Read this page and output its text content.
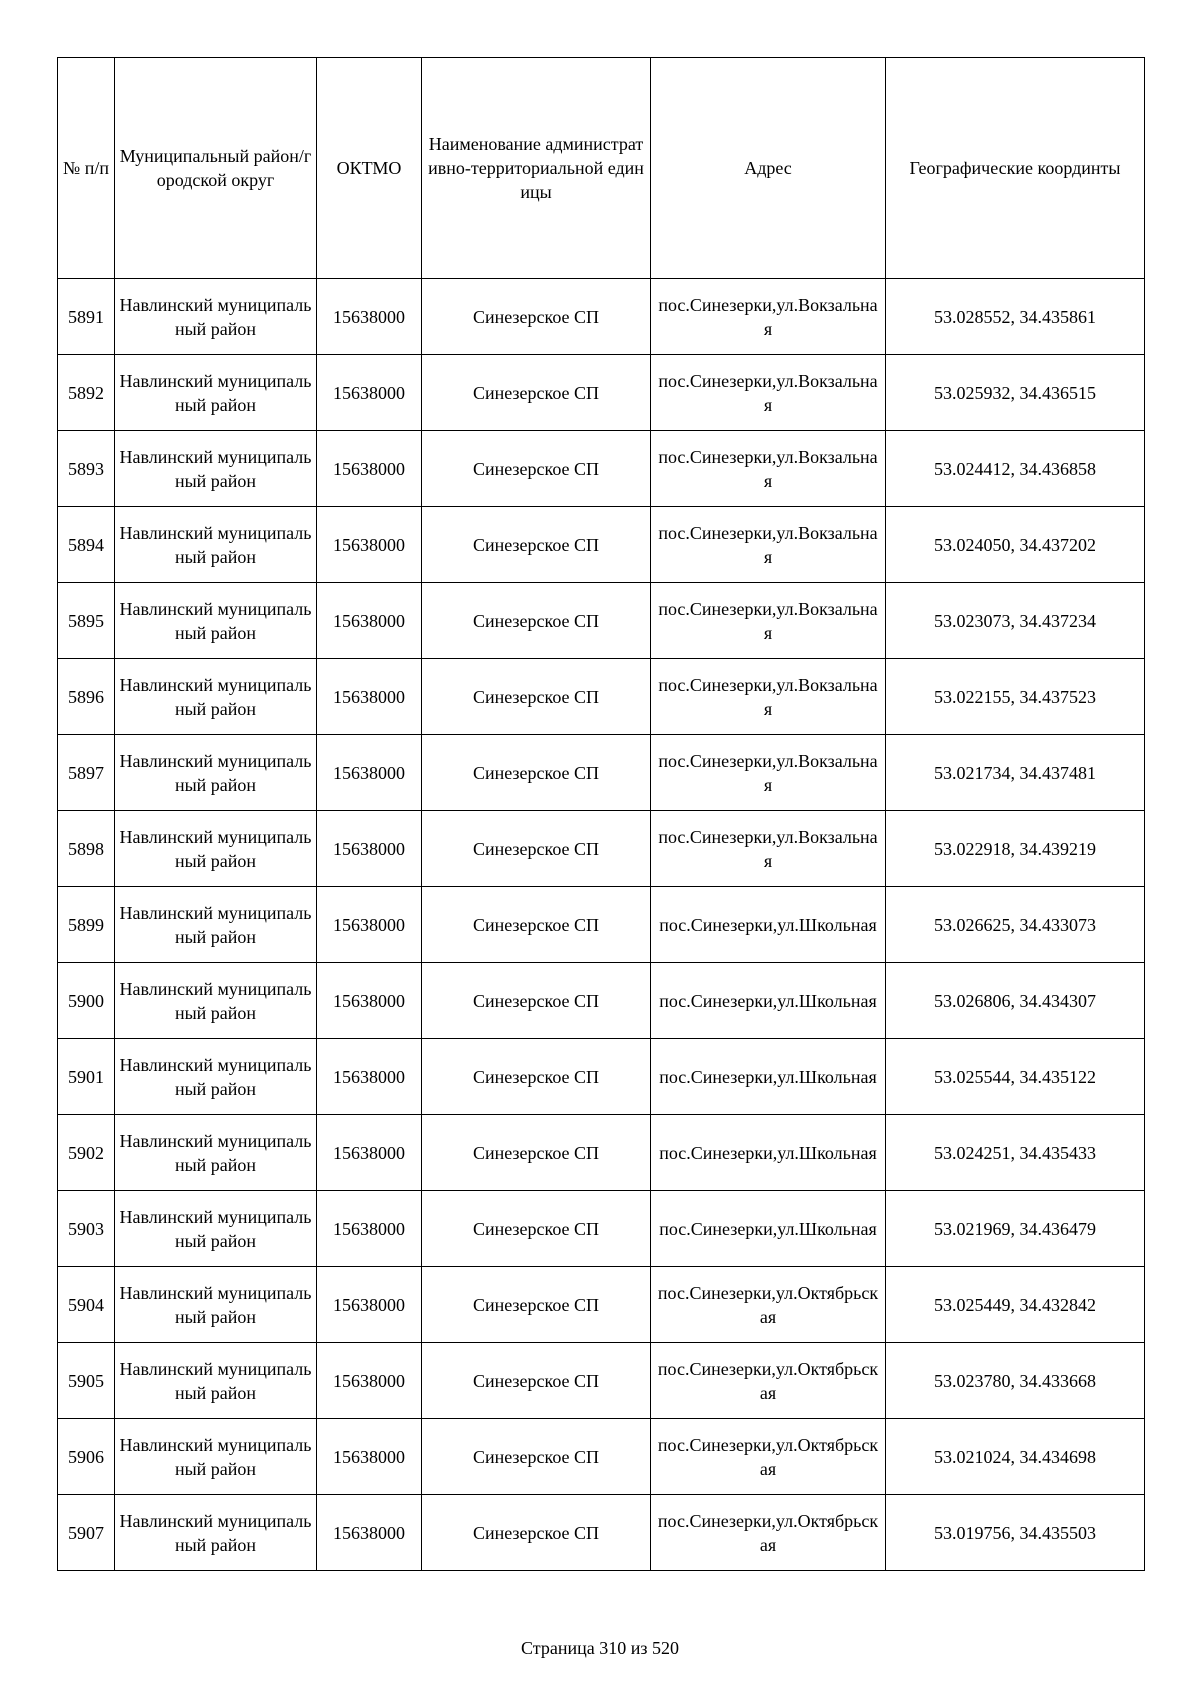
№ п/п	Муниципальный район/городской округ	ОКТМО	Наименование административно-территориальной единицы	Адрес	Географические координты
5891	Навлинский муниципальный район	15638000	Синезерское СП	пос.Синезерки,ул.Вокзальная	53.028552, 34.435861
5892	Навлинский муниципальный район	15638000	Синезерское СП	пос.Синезерки,ул.Вокзальная	53.025932, 34.436515
5893	Навлинский муниципальный район	15638000	Синезерское СП	пос.Синезерки,ул.Вокзальная	53.024412, 34.436858
5894	Навлинский муниципальный район	15638000	Синезерское СП	пос.Синезерки,ул.Вокзальная	53.024050, 34.437202
5895	Навлинский муниципальный район	15638000	Синезерское СП	пос.Синезерки,ул.Вокзальная	53.023073, 34.437234
5896	Навлинский муниципальный район	15638000	Синезерское СП	пос.Синезерки,ул.Вокзальная	53.022155, 34.437523
5897	Навлинский муниципальный район	15638000	Синезерское СП	пос.Синезерки,ул.Вокзальная	53.021734, 34.437481
5898	Навлинский муниципальный район	15638000	Синезерское СП	пос.Синезерки,ул.Вокзальная	53.022918, 34.439219
5899	Навлинский муниципальный район	15638000	Синезерское СП	пос.Синезерки,ул.Школьная	53.026625, 34.433073
5900	Навлинский муниципальный район	15638000	Синезерское СП	пос.Синезерки,ул.Школьная	53.026806, 34.434307
5901	Навлинский муниципальный район	15638000	Синезерское СП	пос.Синезерки,ул.Школьная	53.025544, 34.435122
5902	Навлинский муниципальный район	15638000	Синезерское СП	пос.Синезерки,ул.Школьная	53.024251, 34.435433
5903	Навлинский муниципальный район	15638000	Синезерское СП	пос.Синезерки,ул.Школьная	53.021969, 34.436479
5904	Навлинский муниципальный район	15638000	Синезерское СП	пос.Синезерки,ул.Октябрьская	53.025449, 34.432842
5905	Навлинский муниципальный район	15638000	Синезерское СП	пос.Синезерки,ул.Октябрьская	53.023780, 34.433668
5906	Навлинский муниципальный район	15638000	Синезерское СП	пос.Синезерки,ул.Октябрьская	53.021024, 34.434698
5907	Навлинский муниципальный район	15638000	Синезерское СП	пос.Синезерки,ул.Октябрьская	53.019756, 34.435503
Страница 310 из 520
